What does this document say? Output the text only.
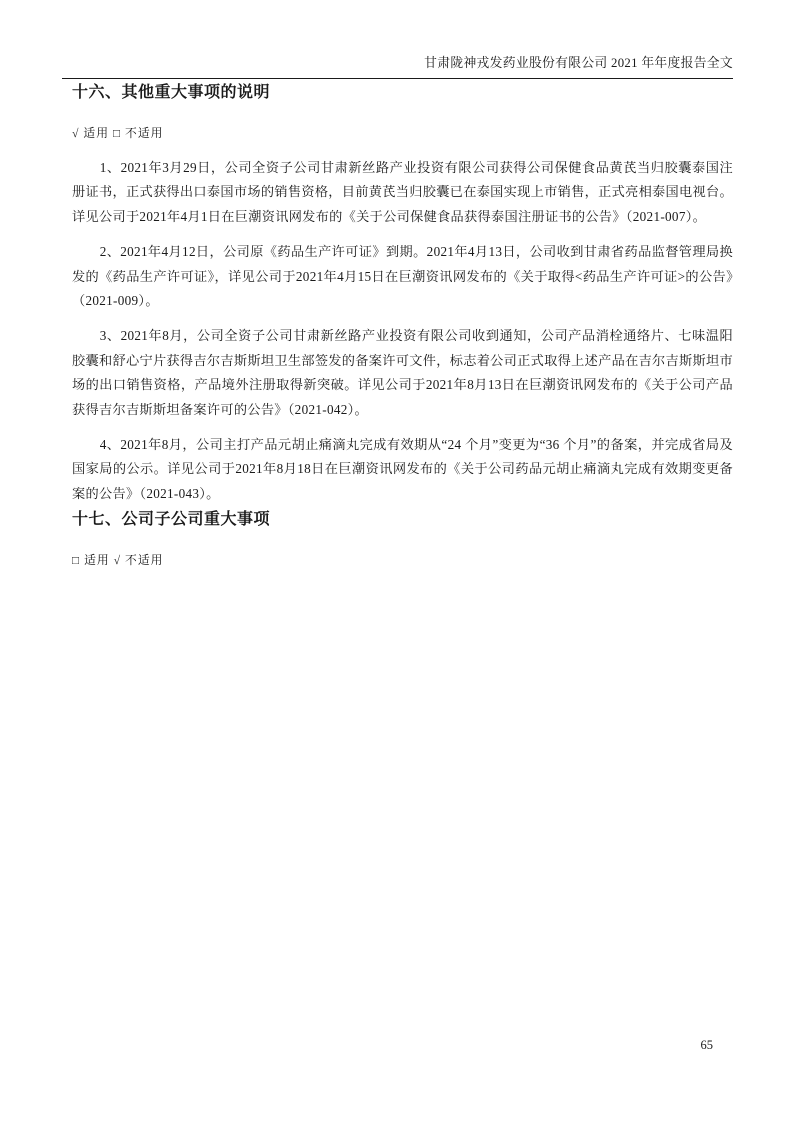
甘肃陇神戎发药业股份有限公司 2021 年年度报告全文
十六、其他重大事项的说明
√ 适用 □ 不适用

1、2021年3月29日，公司全资子公司甘肃新丝路产业投资有限公司获得公司保健食品黄芪当归胶囊泰国注册证书，正式获得出口泰国市场的销售资格，目前黄芪当归胶囊已在泰国实现上市销售，正式亮相泰国电视台。详见公司于2021年4月1日在巨潮资讯网发布的《关于公司保健食品获得泰国注册证书的公告》（2021-007）。

2、2021年4月12日，公司原《药品生产许可证》到期。2021年4月13日，公司收到甘肃省药品监督管理局换发的《药品生产许可证》，详见公司于2021年4月15日在巨潮资讯网发布的《关于取得<药品生产许可证>的公告》（2021-009）。

3、2021年8月，公司全资子公司甘肃新丝路产业投资有限公司收到通知，公司产品消栓通络片、七味温阳胶囊和舒心宁片获得吉尔吉斯斯坦卫生部签发的备案许可文件，标志着公司正式取得上述产品在吉尔吉斯斯坦市场的出口销售资格，产品境外注册取得新突破。详见公司于2021年8月13日在巨潮资讯网发布的《关于公司产品获得吉尔吉斯斯坦备案许可的公告》（2021-042）。

4、2021年8月，公司主打产品元胡止痛滴丸完成有效期从“24 个月”变更为“36 个月”的备案，并完成省局及国家局的公示。详见公司于2021年8月18日在巨潮资讯网发布的《关于公司药品元胡止痛滴丸完成有效期变更备案的公告》（2021-043）。

十七、公司子公司重大事项
□ 适用 √ 不适用
65
